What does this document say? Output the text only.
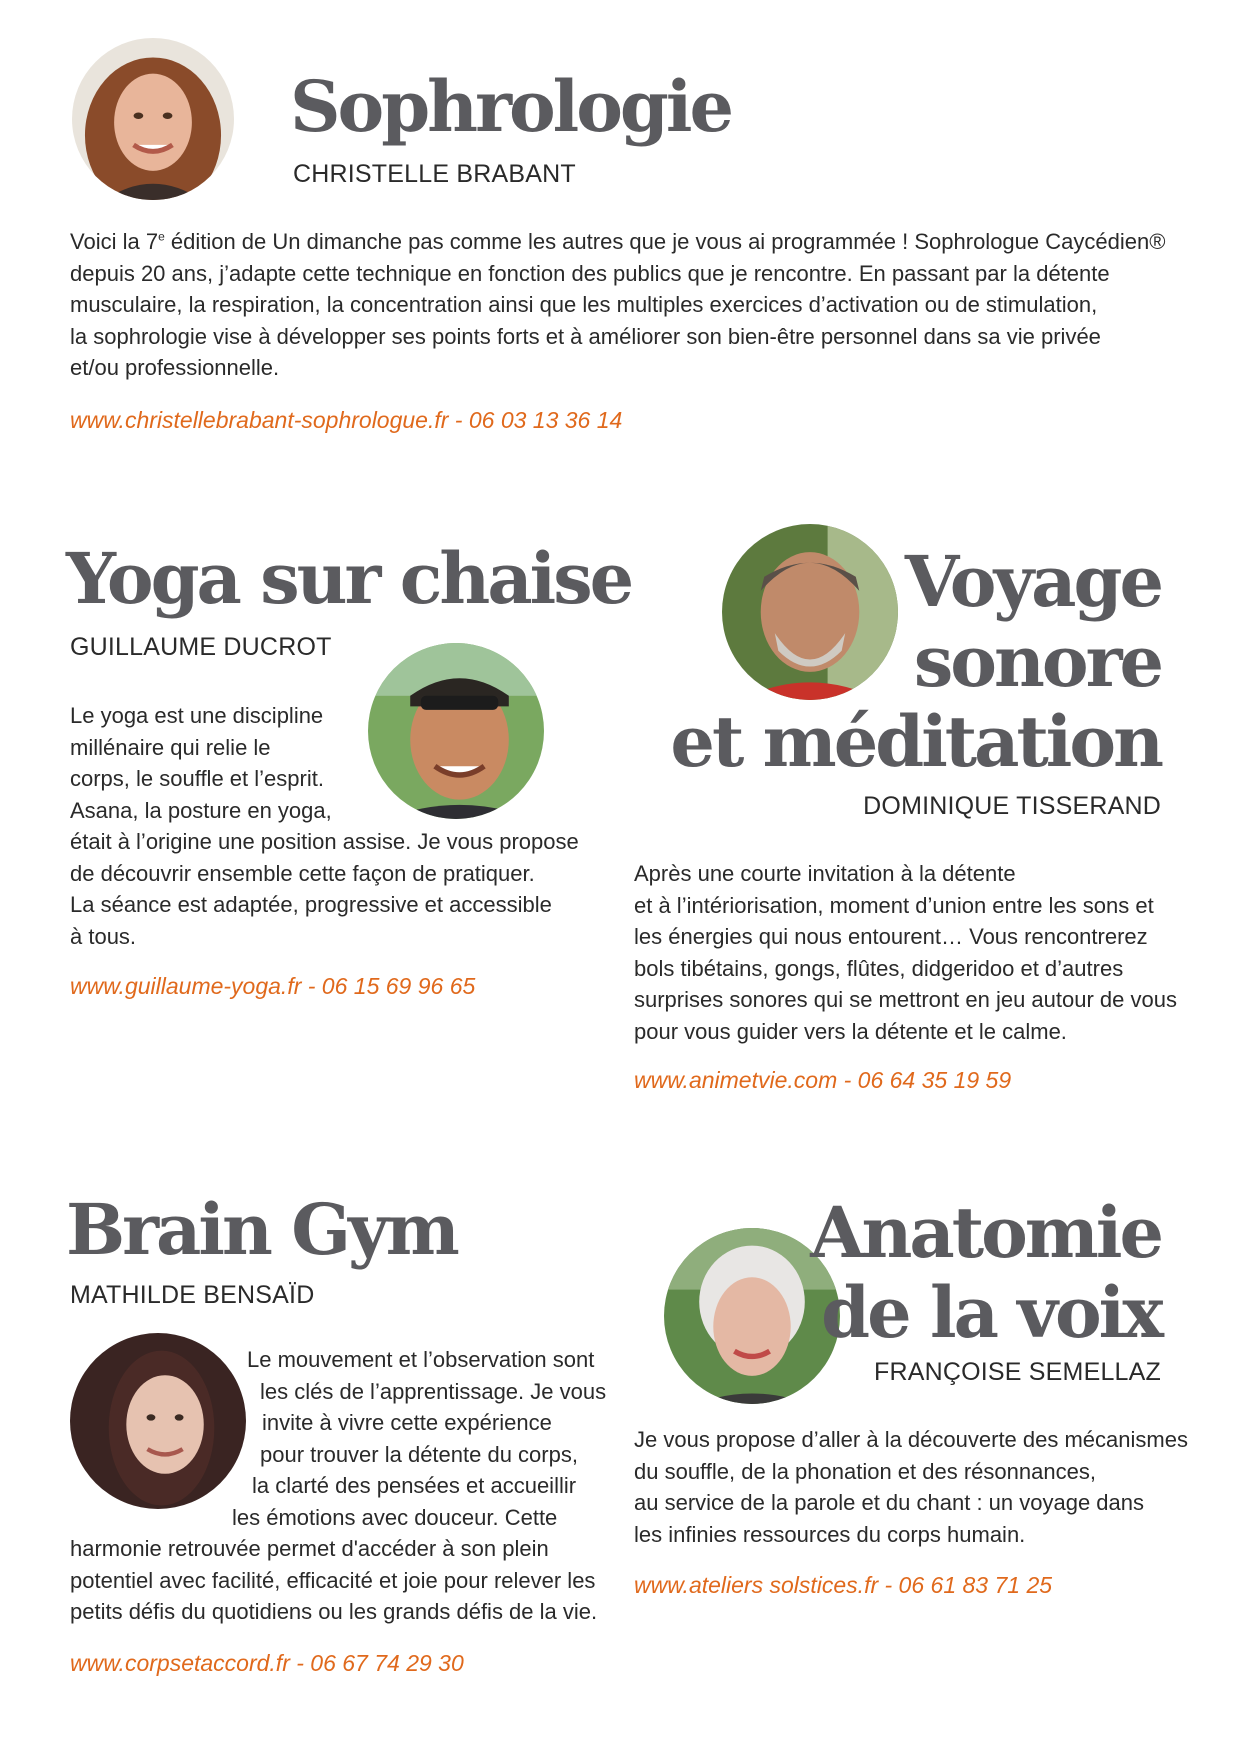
Sophrologie

CHRISTELLE BRABANT

Voici la 7e édition de Un dimanche pas comme les autres que je vous ai programmée ! Sophrologue Caycédien®
depuis 20 ans, j’adapte cette technique en fonction des publics que je rencontre. En passant par la détente
musculaire, la respiration, la concentration ainsi que les multiples exercices d’activation ou de stimulation,
la sophrologie vise à développer ses points forts et à améliorer son bien-être personnel dans sa vie privée
et/ou professionnelle.

www.christellebrabant-sophrologue.fr - 06 03 13 36 14
Yoga sur chaise

GUILLAUME DUCROT

Le yoga est une discipline
millénaire qui relie le
corps, le souffle et l’esprit.
Asana, la posture en yoga,
était à l’origine une position assise. Je vous propose
de découvrir ensemble cette façon de pratiquer.
La séance est adaptée, progressive et accessible
à tous.

www.guillaume-yoga.fr - 06 15 69 96 65
Voyage
sonore
et méditation

DOMINIQUE TISSERAND

Après une courte invitation à la détente
et à l’intériorisation, moment d’union entre les sons et
les énergies qui nous entourent… Vous rencontrerez
bols tibétains, gongs, flûtes, didgeridoo et d’autres
surprises sonores qui se mettront en jeu autour de vous
pour vous guider vers la détente et le calme.

www.animetvie.com - 06 64 35 19 59
Brain Gym

MATHILDE BENSAÏD

Le mouvement et l’observation sont
les clés de l’apprentissage. Je vous
invite à vivre cette expérience
pour trouver la détente du corps,
la clarté des pensées et accueillir
les émotions avec douceur. Cette
harmonie retrouvée permet d'accéder à son plein
potentiel avec facilité, efficacité et joie pour relever les
petits défis du quotidiens ou les grands défis de la vie.

www.corpsetaccord.fr - 06 67 74 29 30
Anatomie
de la voix

FRANÇOISE SEMELLAZ

Je vous propose d’aller à la découverte des mécanismes
du souffle, de la phonation et des résonnances,
au service de la parole et du chant : un voyage dans
les infinies ressources du corps humain.

www.ateliers solstices.fr - 06 61 83 71 25
